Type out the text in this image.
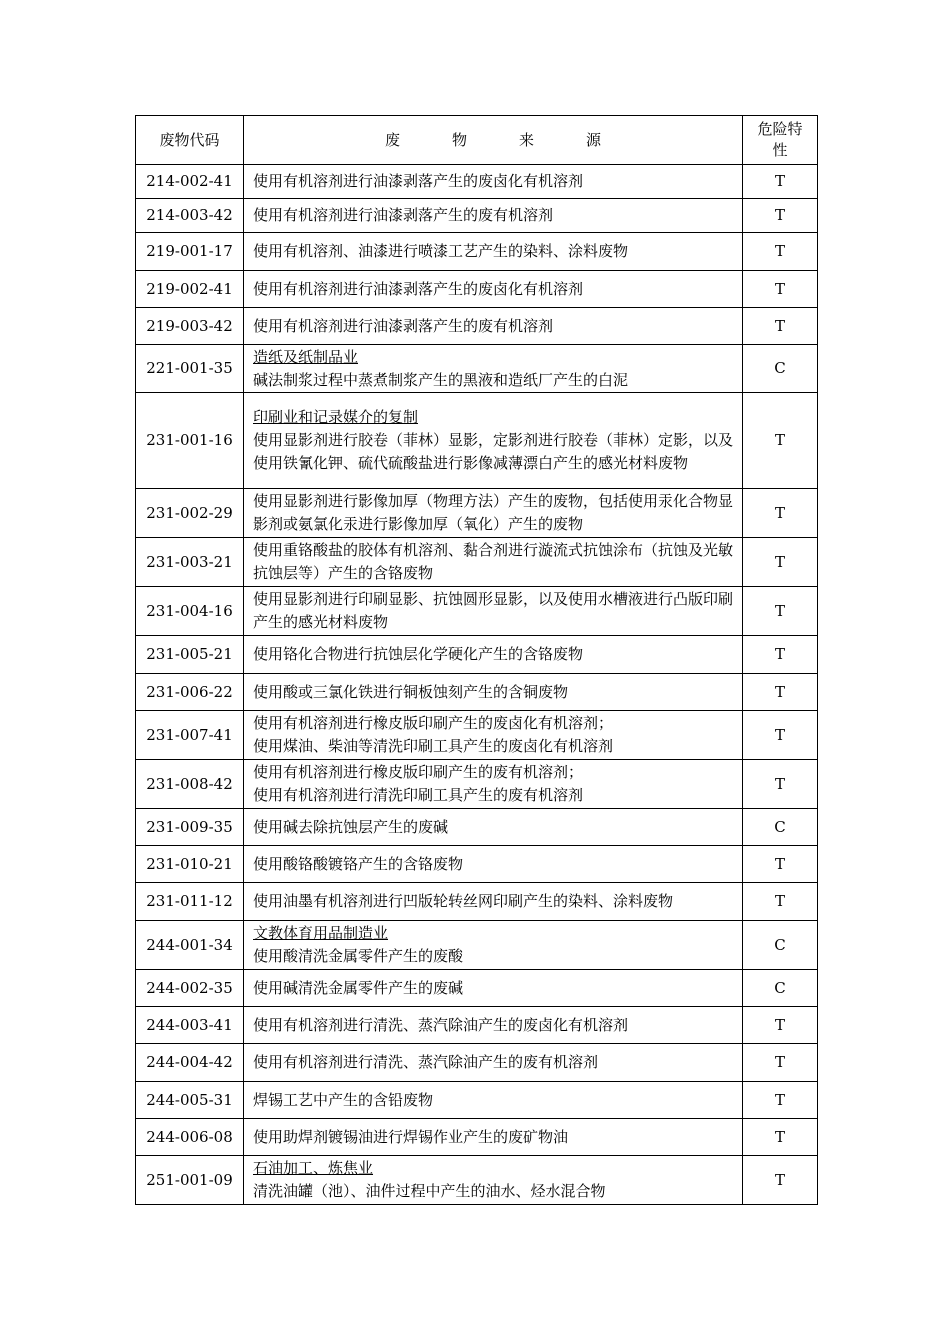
废物代码	废物来源	危险特性
214-002-41	使用有机溶剂进行油漆剥落产生的废卤化有机溶剂	T
214-003-42	使用有机溶剂进行油漆剥落产生的废有机溶剂	T
219-001-17	使用有机溶剂、油漆进行喷漆工艺产生的染料、涂料废物	T
219-002-41	使用有机溶剂进行油漆剥落产生的废卤化有机溶剂	T
219-003-42	使用有机溶剂进行油漆剥落产生的废有机溶剂	T
221-001-35	造纸及纸制品业
碱法制浆过程中蒸煮制浆产生的黑液和造纸厂产生的白泥	C
231-001-16	印刷业和记录媒介的复制
使用显影剂进行胶卷（菲林）显影，定影剂进行胶卷（菲林）定影，以及使用铁氰化钾、硫代硫酸盐进行影像减薄漂白产生的感光材料废物	T
231-002-29	使用显影剂进行影像加厚（物理方法）产生的废物，包括使用汞化合物显影剂或氨氯化汞进行影像加厚（氧化）产生的废物	T
231-003-21	使用重铬酸盐的胶体有机溶剂、黏合剂进行漩流式抗蚀涂布（抗蚀及光敏抗蚀层等）产生的含铬废物	T
231-004-16	使用显影剂进行印刷显影、抗蚀圆形显影，以及使用水槽液进行凸版印刷产生的感光材料废物	T
231-005-21	使用铬化合物进行抗蚀层化学硬化产生的含铬废物	T
231-006-22	使用酸或三氯化铁进行铜板蚀刻产生的含铜废物	T
231-007-41	使用有机溶剂进行橡皮版印刷产生的废卤化有机溶剂；
使用煤油、柴油等清洗印刷工具产生的废卤化有机溶剂	T
231-008-42	使用有机溶剂进行橡皮版印刷产生的废有机溶剂；
使用有机溶剂进行清洗印刷工具产生的废有机溶剂	T
231-009-35	使用碱去除抗蚀层产生的废碱	C
231-010-21	使用酸铬酸镀铬产生的含铬废物	T
231-011-12	使用油墨有机溶剂进行凹版轮转丝网印刷产生的染料、涂料废物	T
244-001-34	文教体育用品制造业
使用酸清洗金属零件产生的废酸	C
244-002-35	使用碱清洗金属零件产生的废碱	C
244-003-41	使用有机溶剂进行清洗、蒸汽除油产生的废卤化有机溶剂	T
244-004-42	使用有机溶剂进行清洗、蒸汽除油产生的废有机溶剂	T
244-005-31	焊锡工艺中产生的含铅废物	T
244-006-08	使用助焊剂镀锡油进行焊锡作业产生的废矿物油	T
251-001-09	石油加工、炼焦业
清洗油罐（池）、油件过程中产生的油水、烃水混合物	T
